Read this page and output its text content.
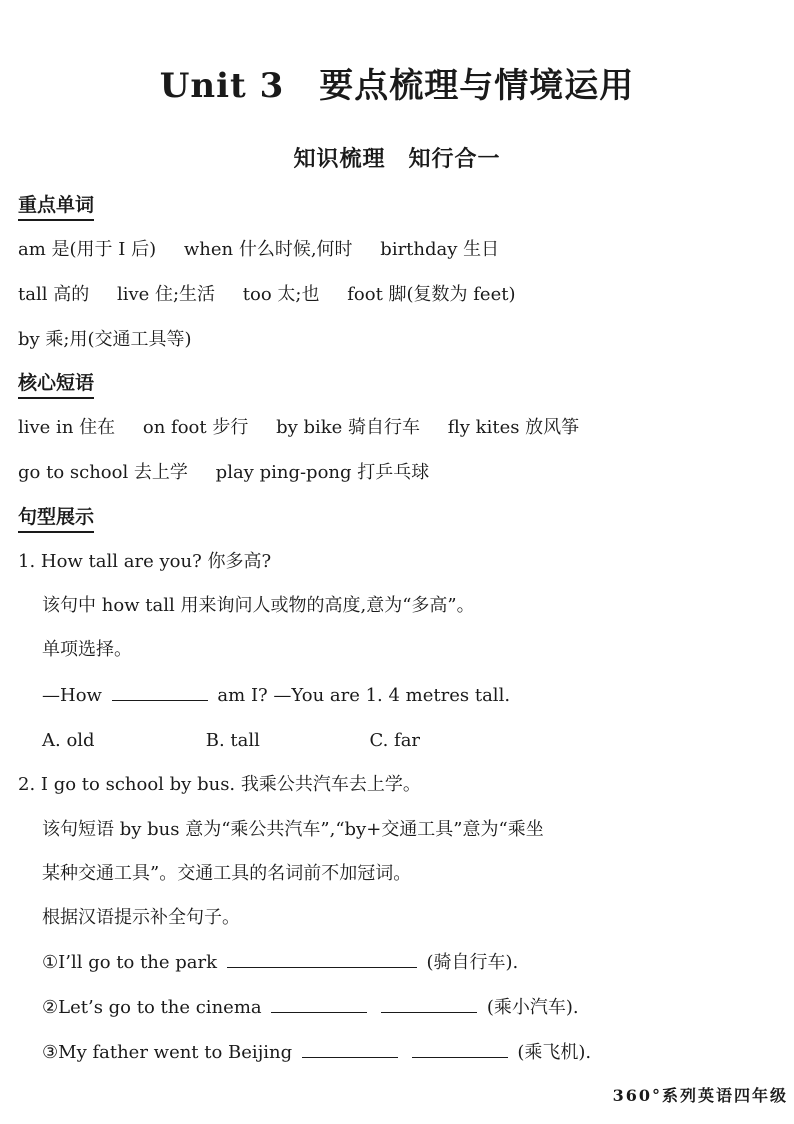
Unit 3　要点梳理与情境运用
知识梳理　知行合一
重点单词
am 是(用于 I 后) when 什么时候,何时 birthday 生日
tall 高的 live 住;生活 too 太;也 foot 脚(复数为 feet)
by 乘;用(交通工具等)
核心短语
live in 住在 on foot 步行 by bike 骑自行车 fly kites 放风筝
go to school 去上学 play ping-pong 打乒乓球
句型展示
1. How tall are you? 你多高?
该句中 how tall 用来询问人或物的高度,意为“多高”。
单项选择。
—How	am I? —You are 1. 4 metres tall.
A. old	B. tall	C. far
2. I go to school by bus. 我乘公共汽车去上学。
该句短语 by bus 意为“乘公共汽车”,“by+交通工具”意为“乘坐
某种交通工具”。交通工具的名词前不加冠词。
根据汉语提示补全句子。
①I’ll go to the park	(骑自行车).
②Let’s go to the cinema	(乘小汽车).
③My father went to Beijing	(乘飞机).
360°系列英语四年级
